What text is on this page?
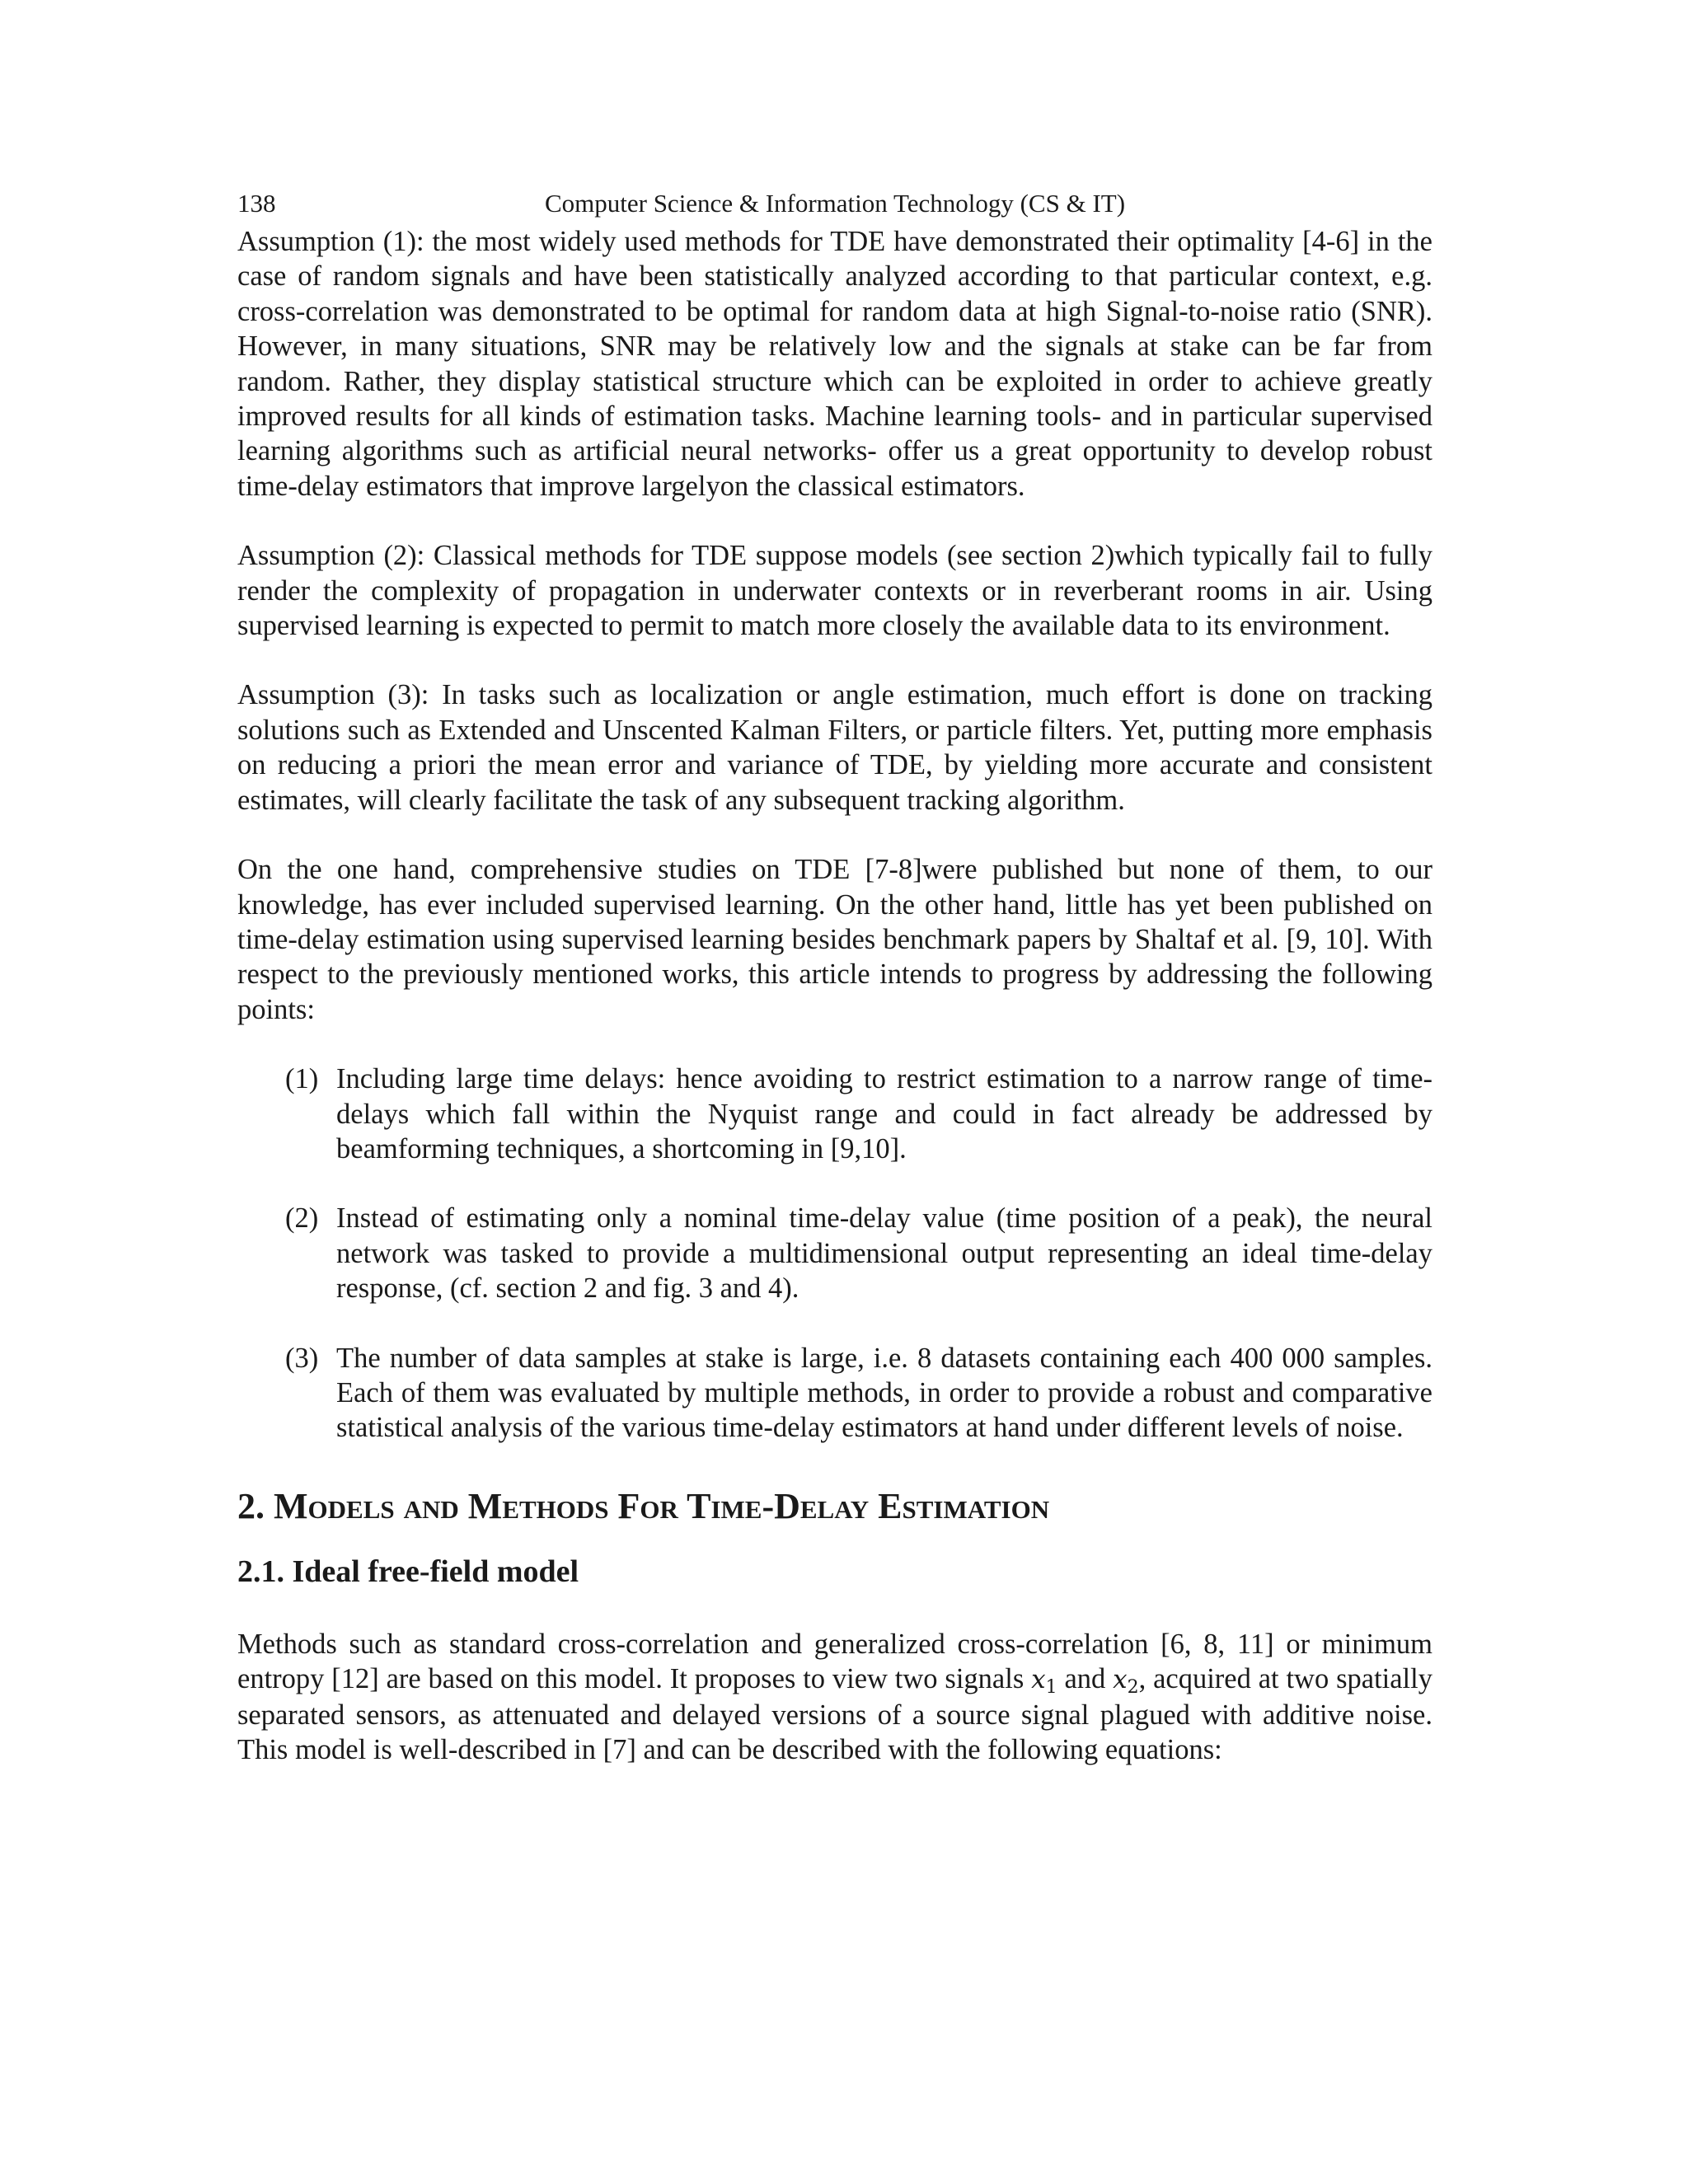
138	Computer Science & Information Technology (CS & IT)

Assumption (1): the most widely used methods for TDE have demonstrated their optimality [4-6] in the case of random signals and have been statistically analyzed according to that particular context, e.g. cross-correlation was demonstrated to be optimal for random data at high Signal-to-noise ratio (SNR). However, in many situations, SNR may be relatively low and the signals at stake can be far from random. Rather, they display statistical structure which can be exploited in order to achieve greatly improved results for all kinds of estimation tasks. Machine learning tools- and in particular supervised learning algorithms such as artificial neural networks- offer us a great opportunity to develop robust time-delay estimators that improve largelyon the classical estimators.

Assumption (2): Classical methods for TDE suppose models (see section 2)which typically fail to fully render the complexity of propagation in underwater contexts or in reverberant rooms in air. Using supervised learning is expected to permit to match more closely the available data to its environment.

Assumption (3): In tasks such as localization or angle estimation, much effort is done on tracking solutions such as Extended and Unscented Kalman Filters, or particle filters. Yet, putting more emphasis on reducing a priori the mean error and variance of TDE, by yielding more accurate and consistent estimates, will clearly facilitate the task of any subsequent tracking algorithm.

On the one hand, comprehensive studies on TDE [7-8]were published but none of them, to our knowledge, has ever included supervised learning. On the other hand, little has yet been published on time-delay estimation using supervised learning besides benchmark papers by Shaltaf et al. [9, 10]. With respect to the previously mentioned works, this article intends to progress by addressing the following points:

(1) Including large time delays: hence avoiding to restrict estimation to a narrow range of time-delays which fall within the Nyquist range and could in fact already be addressed by beamforming techniques, a shortcoming in [9,10].
(2) Instead of estimating only a nominal time-delay value (time position of a peak), the neural network was tasked to provide a multidimensional output representing an ideal time-delay response, (cf. section 2 and fig. 3 and 4).
(3) The number of data samples at stake is large, i.e. 8 datasets containing each 400 000 samples. Each of them was evaluated by multiple methods, in order to provide a robust and comparative statistical analysis of the various time-delay estimators at hand under different levels of noise.
2. Models and Methods For Time-Delay Estimation
2.1. Ideal free-field model

Methods such as standard cross-correlation and generalized cross-correlation [6, 8, 11] or minimum entropy [12] are based on this model. It proposes to view two signals $x_1$ and $x_2$, acquired at two spatially separated sensors, as attenuated and delayed versions of a source signal plagued with additive noise. This model is well-described in [7] and can be described with the following equations:
